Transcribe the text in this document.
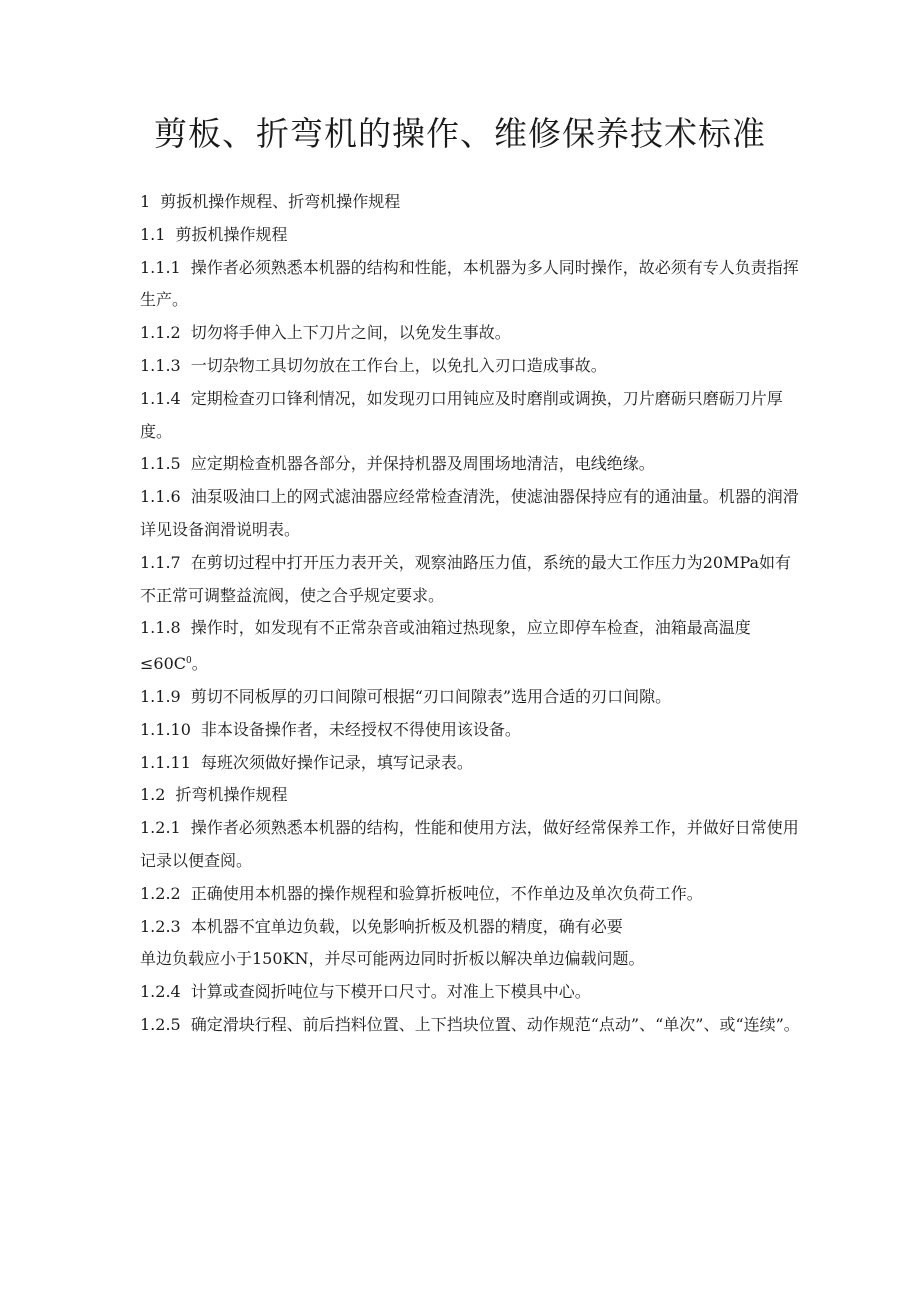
剪板、折弯机的操作、维修保养技术标准

1 剪扳机操作规程、折弯机操作规程

1.1 剪扳机操作规程

1.1.1 操作者必须熟悉本机器的结构和性能，本机器为多人同时操作，故必须有专人负责指挥生产。

1.1.2 切勿将手伸入上下刀片之间，以免发生事故。

1.1.3 一切杂物工具切勿放在工作台上，以免扎入刃口造成事故。

1.1.4 定期检查刃口锋利情况，如发现刃口用钝应及时磨削或调换，刀片磨砺只磨砺刀片厚度。

1.1.5 应定期检查机器各部分，并保持机器及周围场地清洁，电线绝缘。

1.1.6 油泵吸油口上的网式滤油器应经常检查清洗，使滤油器保持应有的通油量。机器的润滑详见设备润滑说明表。

1.1.7 在剪切过程中打开压力表开关，观察油路压力值，系统的最大工作压力为20MPa如有不正常可调整益流阀，使之合乎规定要求。

1.1.8 操作时，如发现有不正常杂音或油箱过热现象，应立即停车检查，油箱最高温度$\le 60C^0$。

1.1.9 剪切不同板厚的刃口间隙可根据“刃口间隙表”选用合适的刃口间隙。

1.1.10 非本设备操作者，未经授权不得使用该设备。

1.1.11 每班次须做好操作记录，填写记录表。

1.2 折弯机操作规程

1.2.1 操作者必须熟悉本机器的结构，性能和使用方法，做好经常保养工作，并做好日常使用记录以便查阅。

1.2.2 正确使用本机器的操作规程和验算折板吨位，不作单边及单次负荷工作。

1.2.3 本机器不宜单边负载，以免影响折板及机器的精度，确有必要

单边负载应小于150KN，并尽可能两边同时折板以解决单边偏载问题。

1.2.4 计算或查阅折吨位与下模开口尺寸。对准上下模具中心。

1.2.5 确定滑块行程、前后挡料位置、上下挡块位置、动作规范“点动”、“单次”、或“连续”。
